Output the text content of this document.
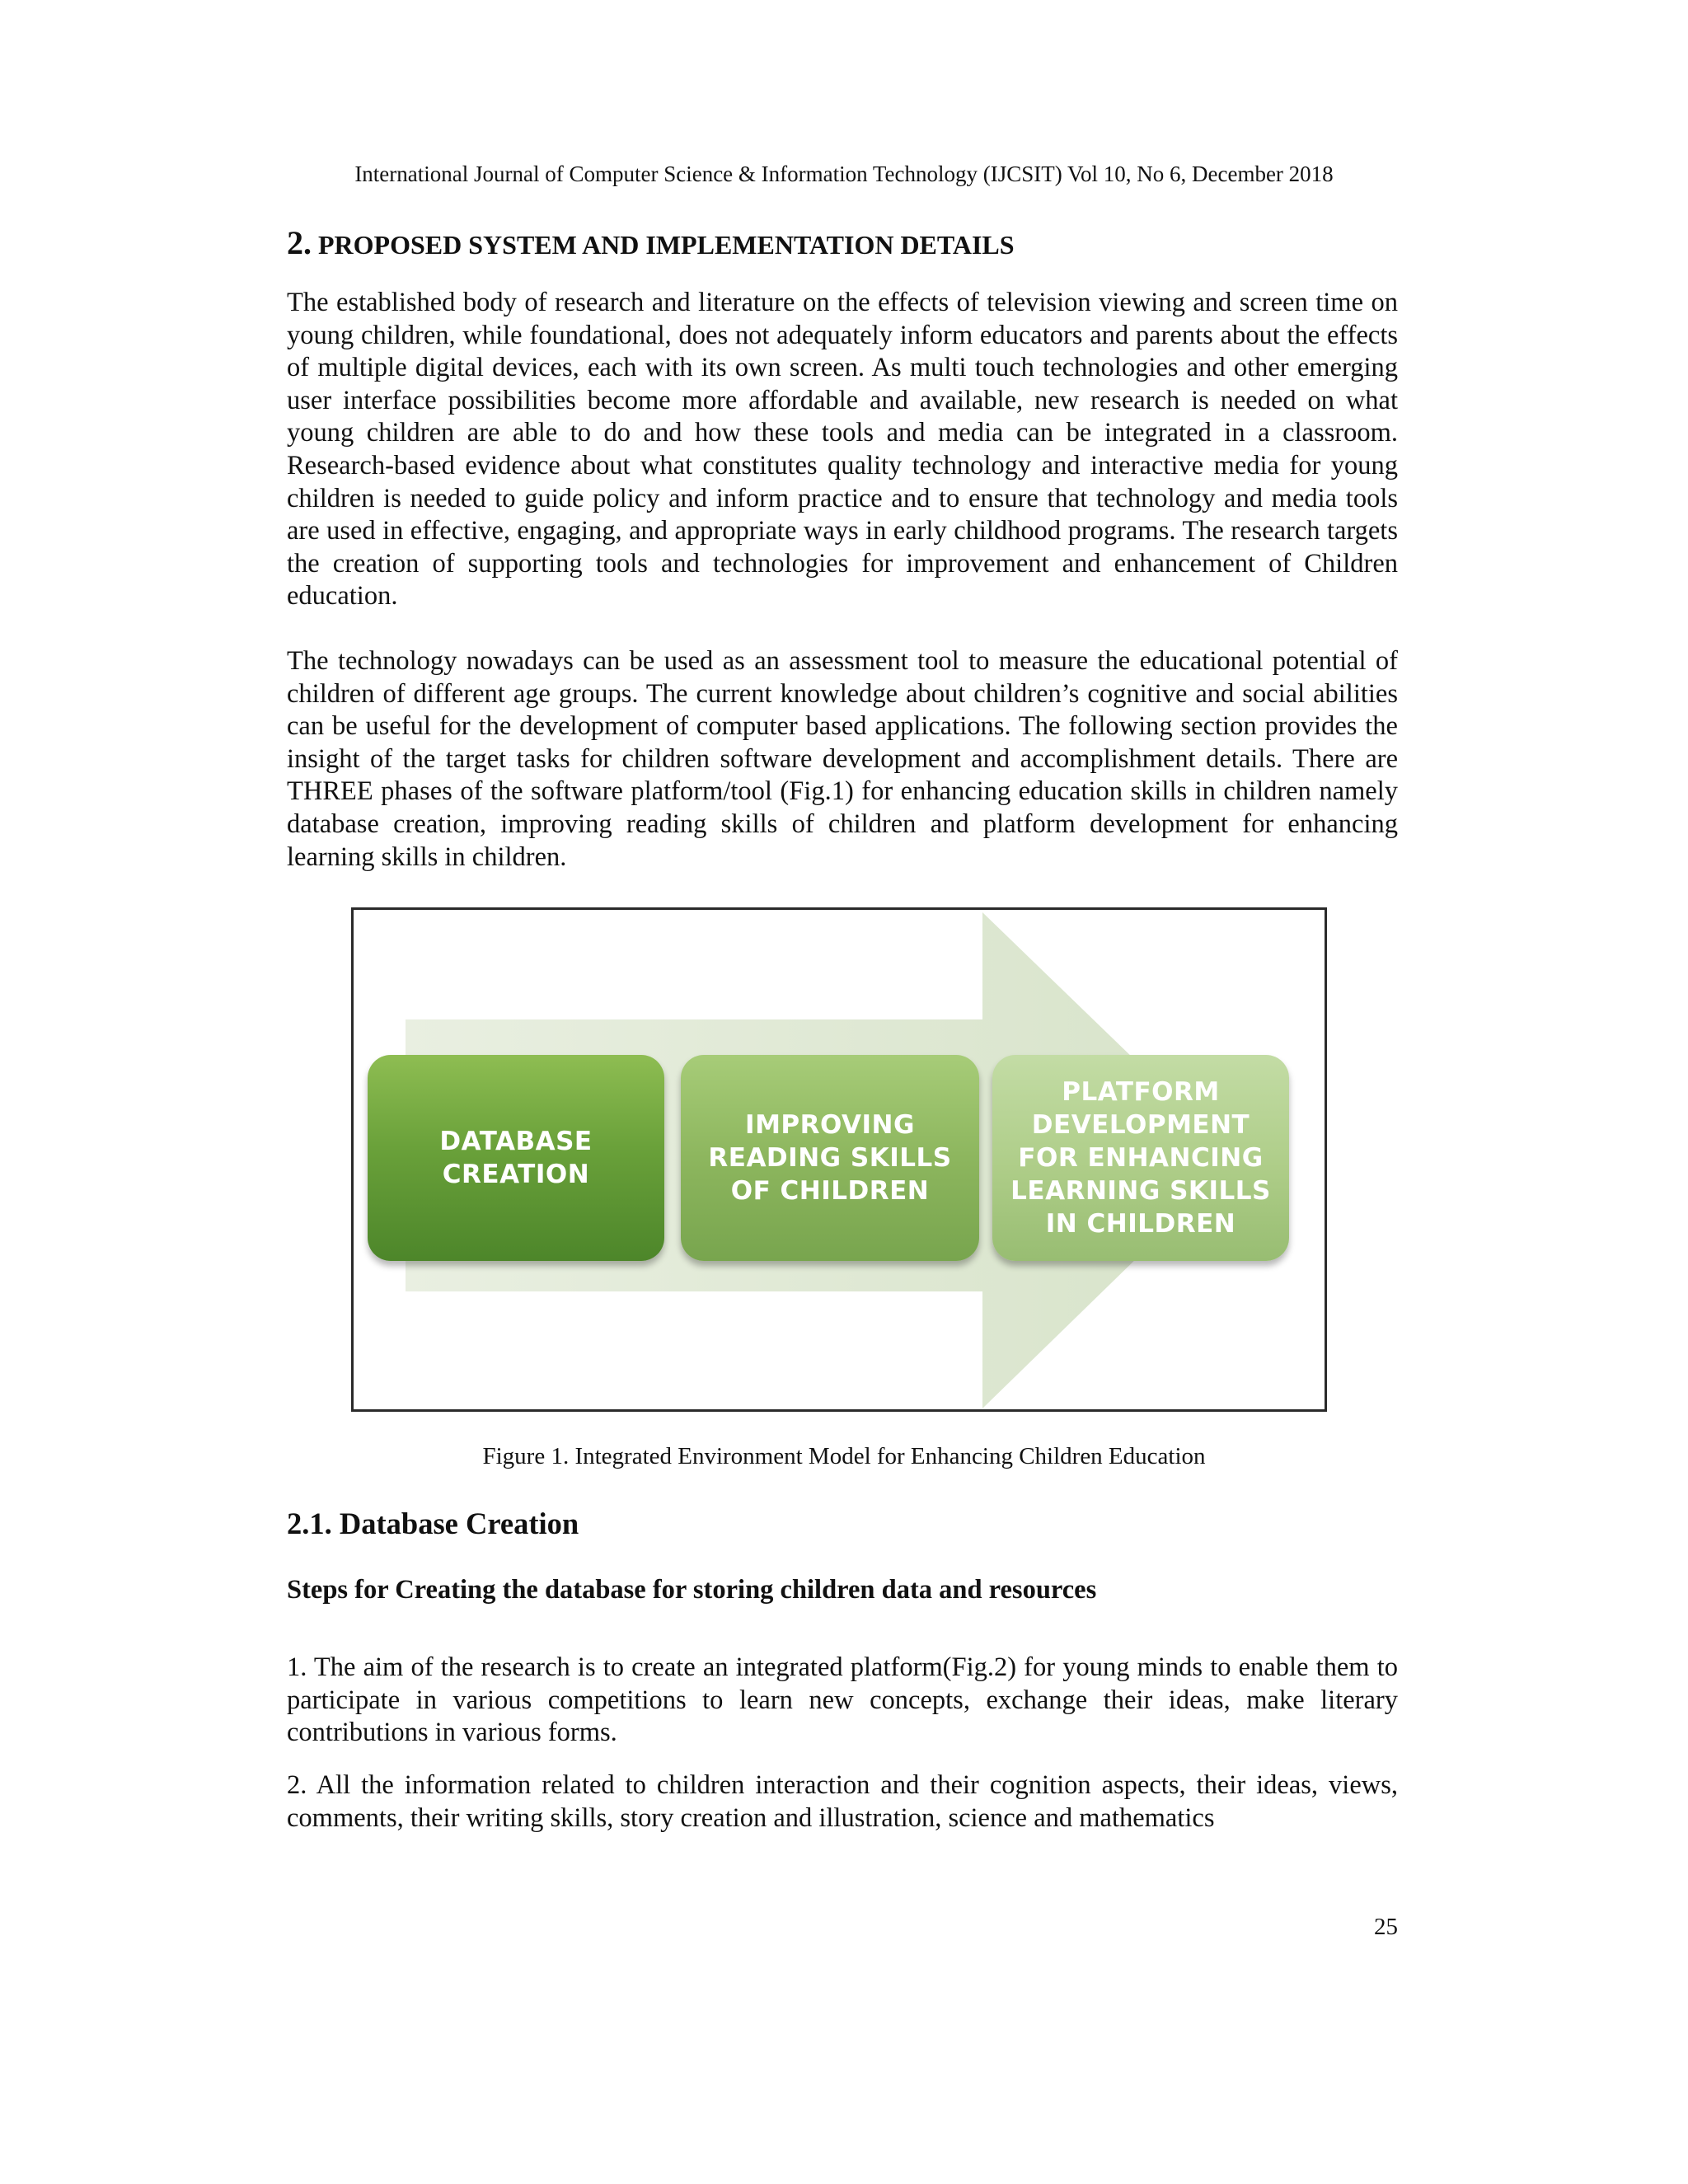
International Journal of Computer Science & Information Technology (IJCSIT) Vol 10, No 6, December 2018
2. PROPOSED SYSTEM AND IMPLEMENTATION DETAILS

The established body of research and literature on the effects of television viewing and screen time on young children, while foundational, does not adequately inform educators and parents about the effects of multiple digital devices, each with its own screen. As multi touch technologies and other emerging user interface possibilities become more affordable and available, new research is needed on what young children are able to do and how these tools and media can be integrated in a classroom. Research-based evidence about what constitutes quality technology and interactive media for young children is needed to guide policy and inform practice and to ensure that technology and media tools are used in effective, engaging, and appropriate ways in early childhood programs. The research targets the creation of supporting tools and technologies for improvement and enhancement of Children education.

The technology nowadays can be used as an assessment tool to measure the educational potential of children of different age groups. The current knowledge about children’s cognitive and social abilities can be useful for the development of computer based applications. The following section provides the insight of the target tasks for children software development and accomplishment details. There are THREE phases of the software platform/tool (Fig.1) for enhancing education skills in children namely database creation, improving reading skills of children and platform development for enhancing learning skills in children.

DATABASE
CREATION
IMPROVING
READING SKILLS
OF CHILDREN
PLATFORM
DEVELOPMENT
FOR ENHANCING
LEARNING SKILLS
IN CHILDREN
Figure 1. Integrated Environment Model for Enhancing Children Education
2.1. Database Creation
Steps for Creating the database for storing children data and resources

1. The aim of the research is to create an integrated platform(Fig.2) for young minds to enable them to participate in various competitions to learn new concepts, exchange their ideas, make literary contributions in various forms.

2. All the information related to children interaction and their cognition aspects, their ideas, views, comments, their writing skills, story creation and illustration, science and mathematics

25
